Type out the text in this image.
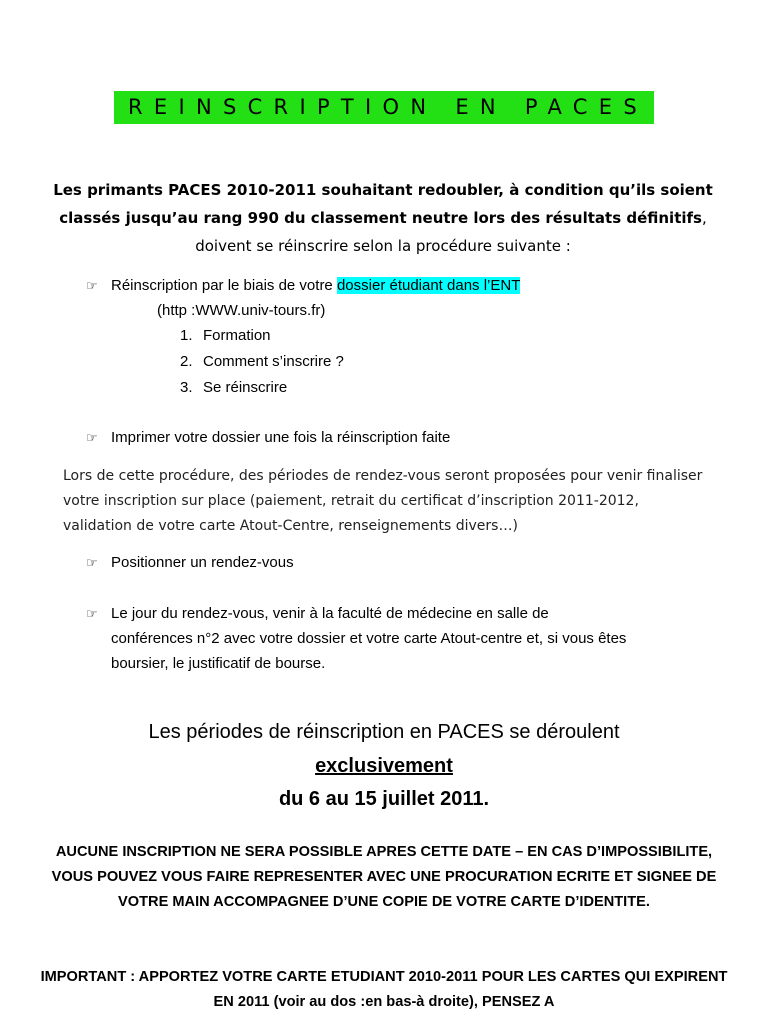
REINSCRIPTION EN PACES
Les primants PACES 2010-2011 souhaitant redoubler, à condition qu’ils soient classés jusqu’au rang 990 du classement neutre lors des résultats définitifs, doivent se réinscrire selon la procédure suivante :
☞ Réinscription par le biais de votre dossier étudiant dans l’ENT
(http :WWW.univ-tours.fr)
1. Formation
2. Comment s’inscrire ?
3. Se réinscrire
☞ Imprimer votre dossier une fois la réinscription faite
Lors de cette procédure, des périodes de rendez-vous seront proposées pour venir finaliser votre inscription sur place (paiement, retrait du certificat d’inscription 2011-2012, validation de votre carte Atout-Centre, renseignements divers…)
☞ Positionner un rendez-vous
☞ Le jour du rendez-vous, venir à la faculté de médecine en salle de conférences n°2 avec votre dossier et votre carte Atout-centre et, si vous êtes boursier, le justificatif de bourse.
Les périodes de réinscription en PACES se déroulent
exclusivement
du 6 au 15 juillet 2011.
AUCUNE INSCRIPTION NE SERA POSSIBLE APRES CETTE DATE – EN CAS D’IMPOSSIBILITE, VOUS POUVEZ VOUS FAIRE REPRESENTER AVEC UNE PROCURATION ECRITE ET SIGNEE DE VOTRE MAIN ACCOMPAGNEE D’UNE COPIE DE VOTRE CARTE D’IDENTITE.
IMPORTANT : APPORTEZ VOTRE CARTE ETUDIANT 2010-2011 POUR LES CARTES QUI EXPIRENT EN 2011 (voir au dos :en bas-à droite), PENSEZ A
